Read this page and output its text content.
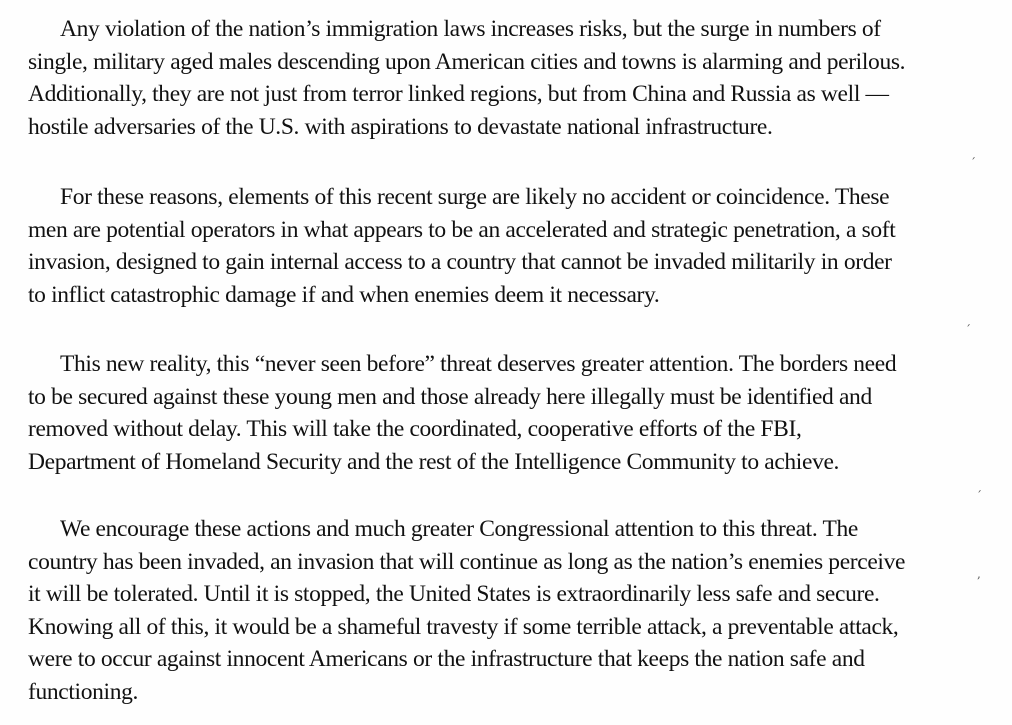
Any violation of the nation’s immigration laws increases risks, but the surge in numbers of
single, military aged males descending upon American cities and towns is alarming and perilous.
Additionally, they are not just from terror linked regions, but from China and Russia as well —
hostile adversaries of the U.S. with aspirations to devastate national infrastructure.

´

For these reasons, elements of this recent surge are likely no accident or coincidence. These
men are potential operators in what appears to be an accelerated and strategic penetration, a soft
invasion, designed to gain internal access to a country that cannot be invaded militarily in order
to inflict catastrophic damage if and when enemies deem it necessary.

´

This new reality, this “never seen before” threat deserves greater attention. The borders need
to be secured against these young men and those already here illegally must be identified and
removed without delay. This will take the coordinated, cooperative efforts of the FBI,
Department of Homeland Security and the rest of the Intelligence Community to achieve.

´

We encourage these actions and much greater Congressional attention to this threat. The
country has been invaded, an invasion that will continue as long as the nation’s enemies perceive
it will be tolerated. Until it is stopped, the United States is extraordinarily less safe and secure.
Knowing all of this, it would be a shameful travesty if some terrible attack, a preventable attack,
were to occur against innocent Americans or the infrastructure that keeps the nation safe and
functioning.

,
